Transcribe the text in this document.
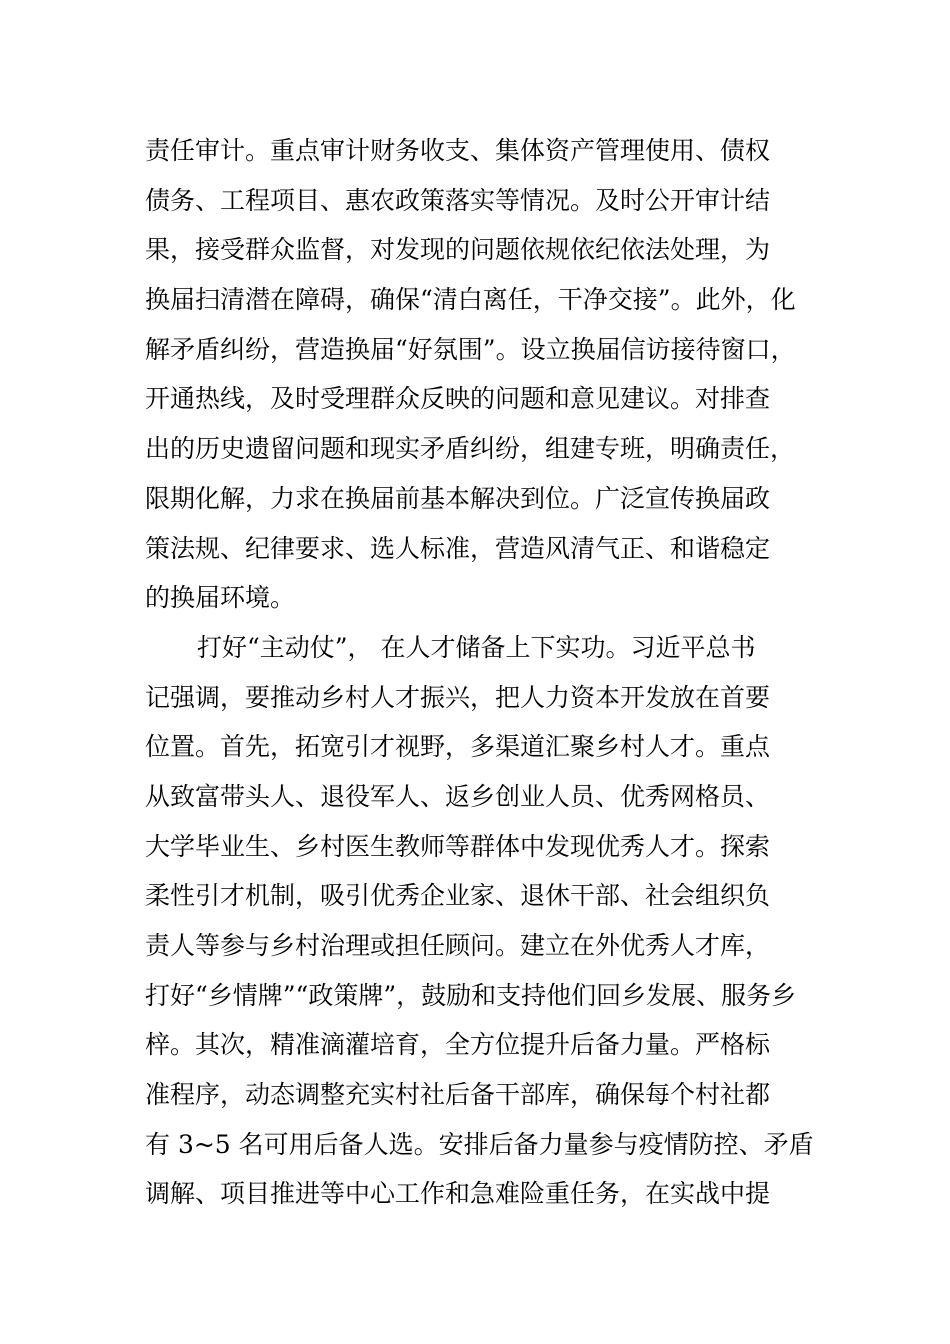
责任审计。重点审计财务收支、集体资产管理使用、债权
债务、工程项目、惠农政策落实等情况。及时公开审计结
果，接受群众监督，对发现的问题依规依纪依法处理，为
换届扫清潜在障碍，确保“清白离任，干净交接”。此外，化
解矛盾纠纷，营造换届“好氛围”。设立换届信访接待窗口，
开通热线，及时受理群众反映的问题和意见建议。对排查
出的历史遗留问题和现实矛盾纠纷，组建专班，明确责任，
限期化解，力求在换届前基本解决到位。广泛宣传换届政
策法规、纪律要求、选人标准，营造风清气正、和谐稳定
的换届环境。
打好“主动仗”， 在人才储备上下实功。习近平总书
记强调，要推动乡村人才振兴，把人力资本开发放在首要
位置。首先，拓宽引才视野，多渠道汇聚乡村人才。重点
从致富带头人、退役军人、返乡创业人员、优秀网格员、
大学毕业生、乡村医生教师等群体中发现优秀人才。探索
柔性引才机制，吸引优秀企业家、退休干部、社会组织负
责人等参与乡村治理或担任顾问。建立在外优秀人才库，
打好“乡情牌”“政策牌”，鼓励和支持他们回乡发展、服务乡
梓。其次，精准滴灌培育，全方位提升后备力量。严格标
准程序，动态调整充实村社后备干部库，确保每个村社都
有 3~5 名可用后备人选。安排后备力量参与疫情防控、矛盾
调解、项目推进等中心工作和急难险重任务，在实战中提
